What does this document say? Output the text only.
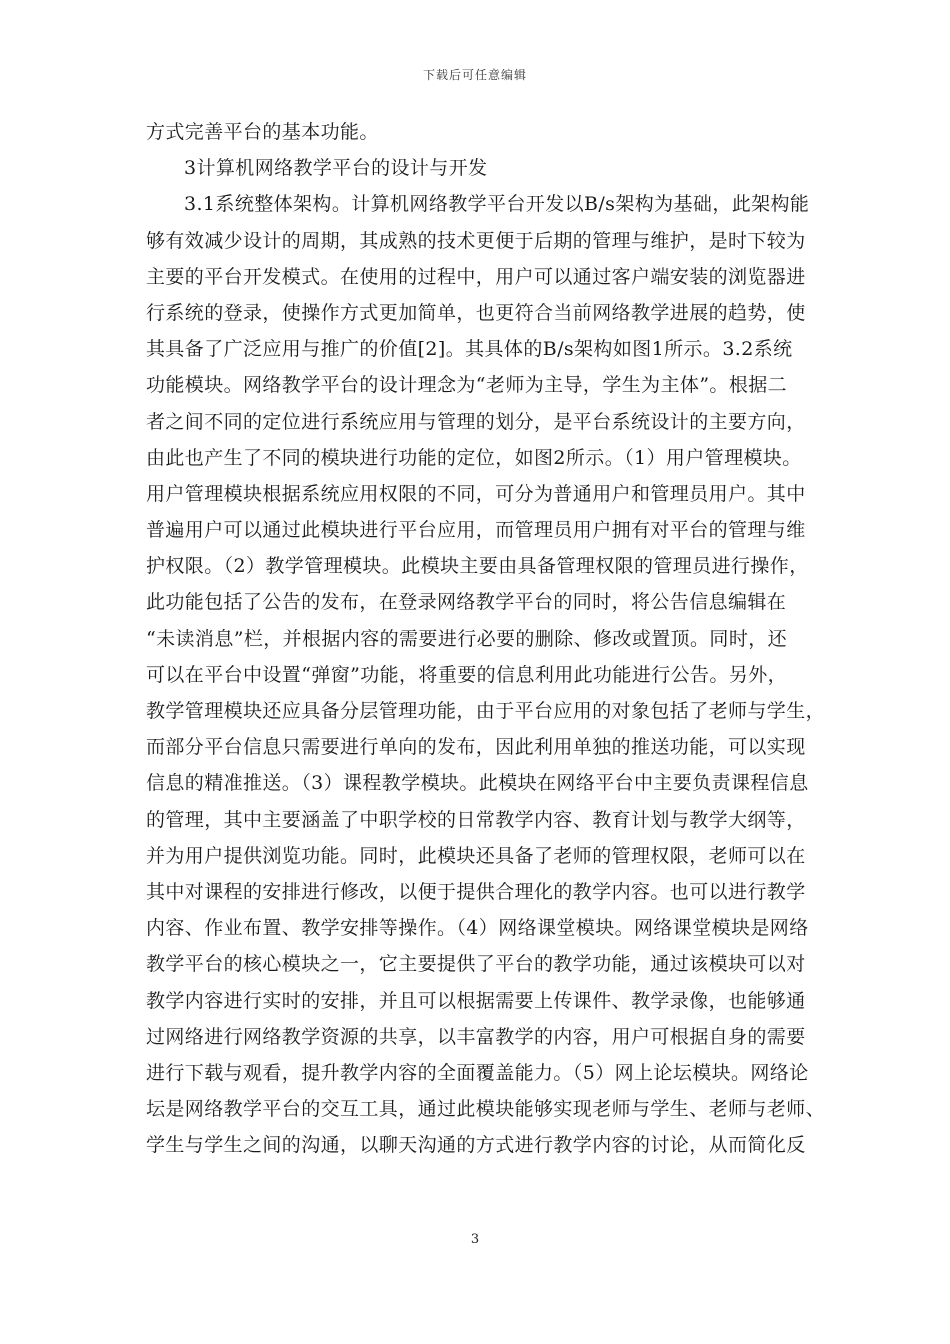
下载后可任意编辑
方式完善平台的基本功能。
3计算机网络教学平台的设计与开发
3.1系统整体架构。计算机网络教学平台开发以B/s架构为基础，此架构能
够有效减少设计的周期，其成熟的技术更便于后期的管理与维护，是时下较为
主要的平台开发模式。在使用的过程中，用户可以通过客户端安装的浏览器进
行系统的登录，使操作方式更加简单，也更符合当前网络教学进展的趋势，使
其具备了广泛应用与推广的价值[2]。其具体的B/s架构如图1所示。3.2系统
功能模块。网络教学平台的设计理念为“老师为主导，学生为主体”。根据二
者之间不同的定位进行系统应用与管理的划分，是平台系统设计的主要方向，
由此也产生了不同的模块进行功能的定位，如图2所示。（1）用户管理模块。
用户管理模块根据系统应用权限的不同，可分为普通用户和管理员用户。其中
普遍用户可以通过此模块进行平台应用，而管理员用户拥有对平台的管理与维
护权限。（2）教学管理模块。此模块主要由具备管理权限的管理员进行操作，
此功能包括了公告的发布，在登录网络教学平台的同时，将公告信息编辑在
“未读消息”栏，并根据内容的需要进行必要的删除、修改或置顶。同时，还
可以在平台中设置“弹窗”功能，将重要的信息利用此功能进行公告。另外，
教学管理模块还应具备分层管理功能，由于平台应用的对象包括了老师与学生，
而部分平台信息只需要进行单向的发布，因此利用单独的推送功能，可以实现
信息的精准推送。（3）课程教学模块。此模块在网络平台中主要负责课程信息
的管理，其中主要涵盖了中职学校的日常教学内容、教育计划与教学大纲等，
并为用户提供浏览功能。同时，此模块还具备了老师的管理权限，老师可以在
其中对课程的安排进行修改，以便于提供合理化的教学内容。也可以进行教学
内容、作业布置、教学安排等操作。（4）网络课堂模块。网络课堂模块是网络
教学平台的核心模块之一，它主要提供了平台的教学功能，通过该模块可以对
教学内容进行实时的安排，并且可以根据需要上传课件、教学录像，也能够通
过网络进行网络教学资源的共享，以丰富教学的内容，用户可根据自身的需要
进行下载与观看，提升教学内容的全面覆盖能力。（5）网上论坛模块。网络论
坛是网络教学平台的交互工具，通过此模块能够实现老师与学生、老师与老师、
学生与学生之间的沟通，以聊天沟通的方式进行教学内容的讨论，从而简化反
3
